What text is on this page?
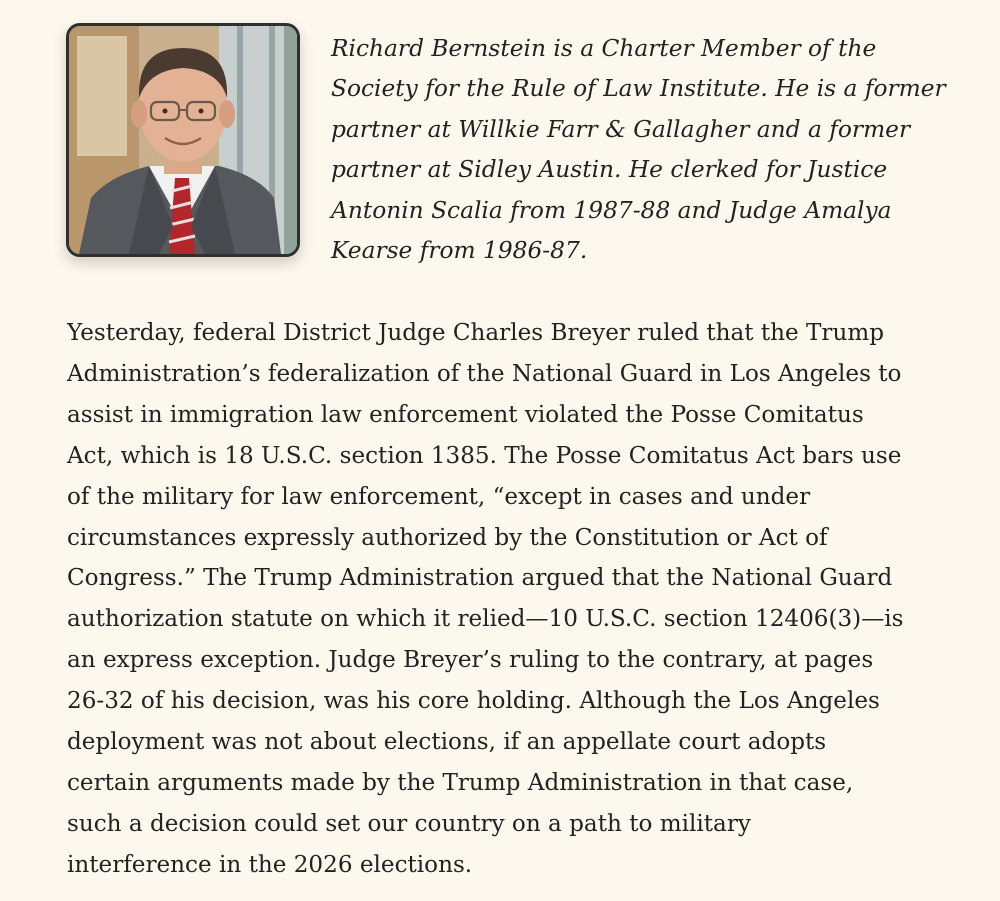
Richard Bernstein is a Charter Member of the
Society for the Rule of Law Institute. He is a former
partner at Willkie Farr & Gallagher and a former
partner at Sidley Austin. He clerked for Justice
Antonin Scalia from 1987-88 and Judge Amalya
Kearse from 1986-87.

Yesterday, federal District Judge Charles Breyer ruled that the Trump
Administration’s federalization of the National Guard in Los Angeles to
assist in immigration law enforcement violated the Posse Comitatus
Act, which is 18 U.S.C. section 1385. The Posse Comitatus Act bars use
of the military for law enforcement, “except in cases and under
circumstances expressly authorized by the Constitution or Act of
Congress.” The Trump Administration argued that the National Guard
authorization statute on which it relied—10 U.S.C. section 12406(3)—is
an express exception. Judge Breyer’s ruling to the contrary, at pages
26-32 of his decision, was his core holding. Although the Los Angeles
deployment was not about elections, if an appellate court adopts
certain arguments made by the Trump Administration in that case,
such a decision could set our country on a path to military
interference in the 2026 elections.
